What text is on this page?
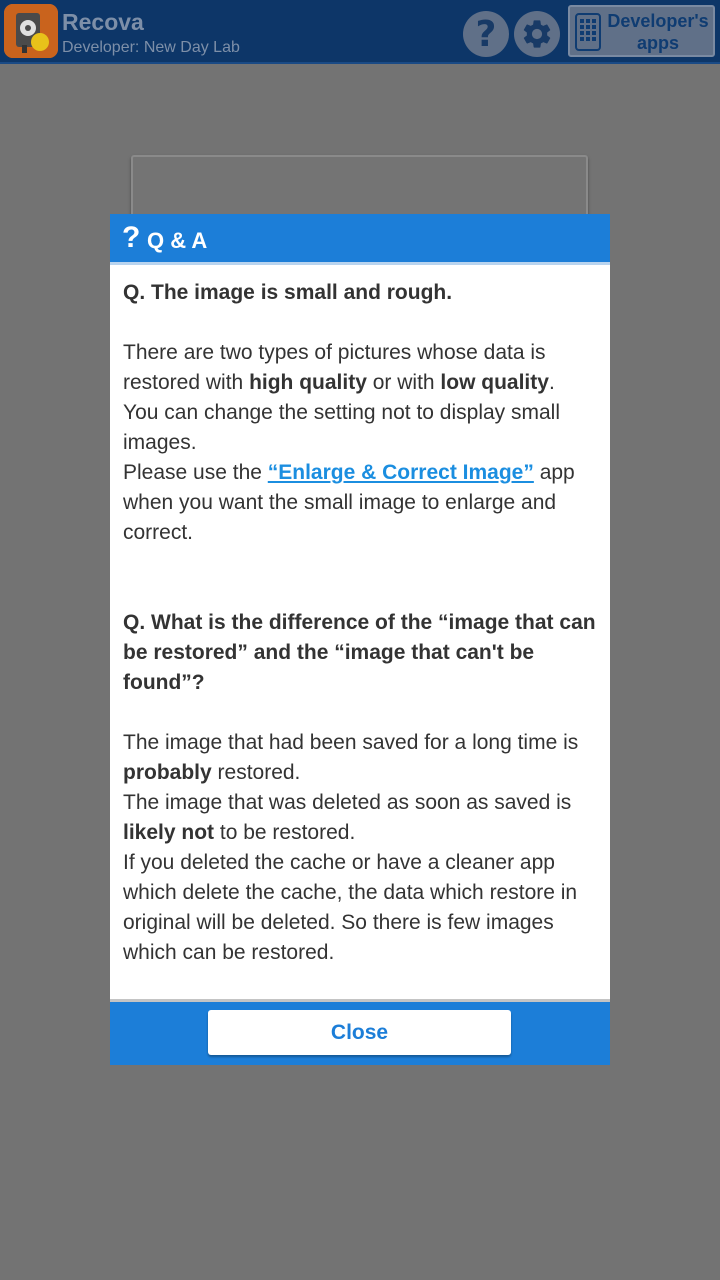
Recova
Developer: New Day Lab	?	Developer's apps
? Q & A

Q. The image is small and rough.

There are two types of pictures whose data is restored with high quality or with low quality.

You can change the setting not to display small images.

Please use the “Enlarge & Correct Image” app when you want the small image to enlarge and correct.

Q. What is the difference of the “image that can be restored” and the “image that can't be found”?

The image that had been saved for a long time is probably restored.

The image that was deleted as soon as saved is likely not to be restored.

If you deleted the cache or have a cleaner app which delete the cache, the data which restore in original will be deleted. So there is few images which can be restored.

Close
